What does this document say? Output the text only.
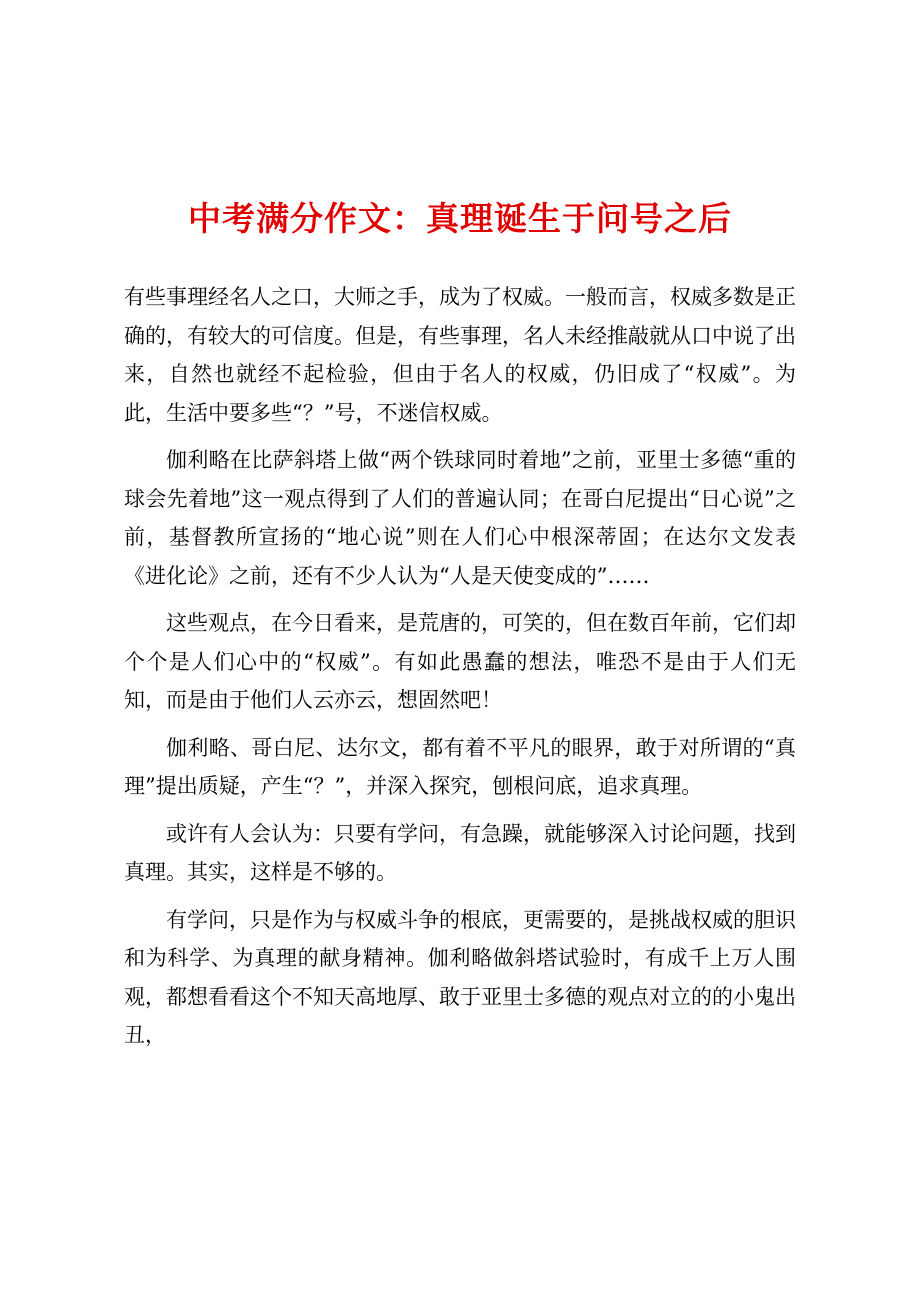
中考满分作文：真理诞生于问号之后

有些事理经名人之口，大师之手，成为了权威。一般而言，权威多数是正确的，有较大的可信度。但是，有些事理，名人未经推敲就从口中说了出来，自然也就经不起检验，但由于名人的权威，仍旧成了“权威”。为此，生活中要多些“？”号，不迷信权威。

伽利略在比萨斜塔上做“两个铁球同时着地”之前，亚里士多德“重的球会先着地”这一观点得到了人们的普遍认同；在哥白尼提出“日心说”之前，基督教所宣扬的“地心说”则在人们心中根深蒂固；在达尔文发表《进化论》之前，还有不少人认为“人是天使变成的”……

这些观点，在今日看来，是荒唐的，可笑的，但在数百年前，它们却个个是人们心中的“权威”。有如此愚蠢的想法，唯恐不是由于人们无知，而是由于他们人云亦云，想固然吧！

伽利略、哥白尼、达尔文，都有着不平凡的眼界，敢于对所谓的“真理”提出质疑，产生“？”，并深入探究，刨根问底，追求真理。

或许有人会认为：只要有学问，有急躁，就能够深入讨论问题，找到真理。其实，这样是不够的。

有学问，只是作为与权威斗争的根底，更需要的，是挑战权威的胆识和为科学、为真理的献身精神。伽利略做斜塔试验时，有成千上万人围观，都想看看这个不知天高地厚、敢于亚里士多德的观点对立的的小鬼出丑，
